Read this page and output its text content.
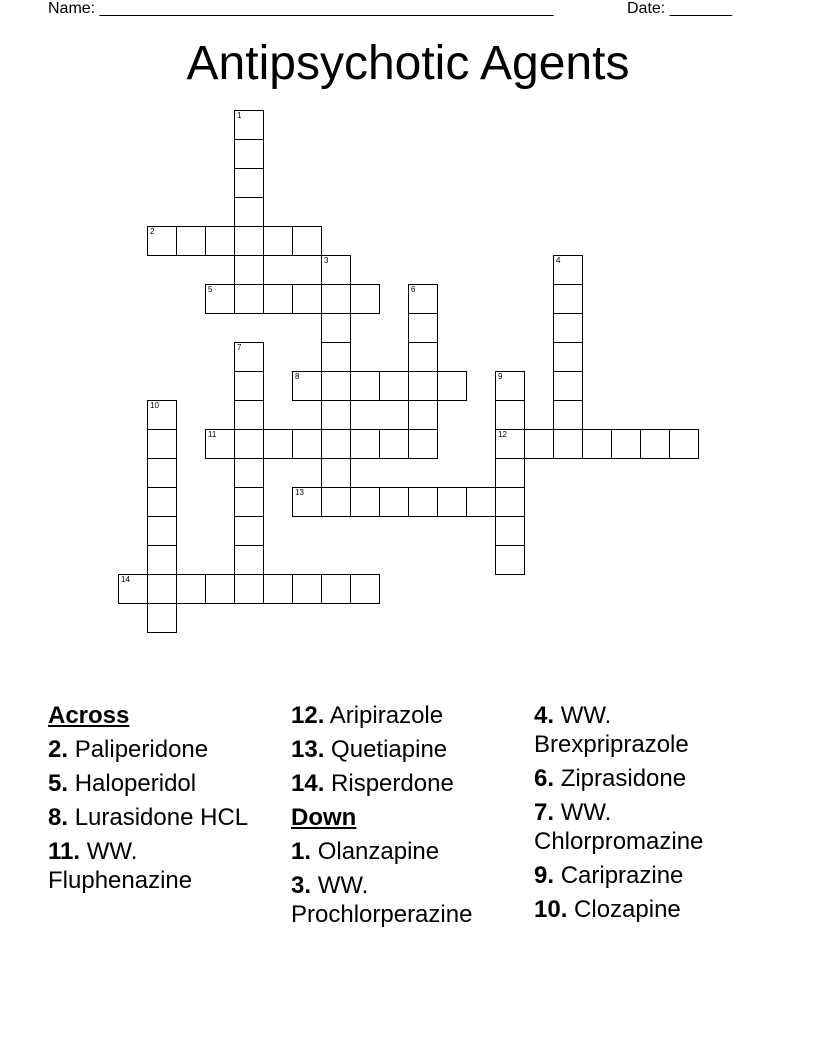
Name: ___________________________________________________	Date: _______
Antipsychotic Agents
1
2
3	4
5	6
7
8	9
12
10
11
13
14
Across
2. Paliperidone
5. Haloperidol
8. Lurasidone HCL
11. WW. Fluphenazine
12. Aripirazole
13. Quetiapine
14. Risperdone
Down
1. Olanzapine
3. WW. Prochlorperazine
4. WW. Brexpriprazole
6. Ziprasidone
7. WW. Chlorpromazine
9. Cariprazine
10. Clozapine
